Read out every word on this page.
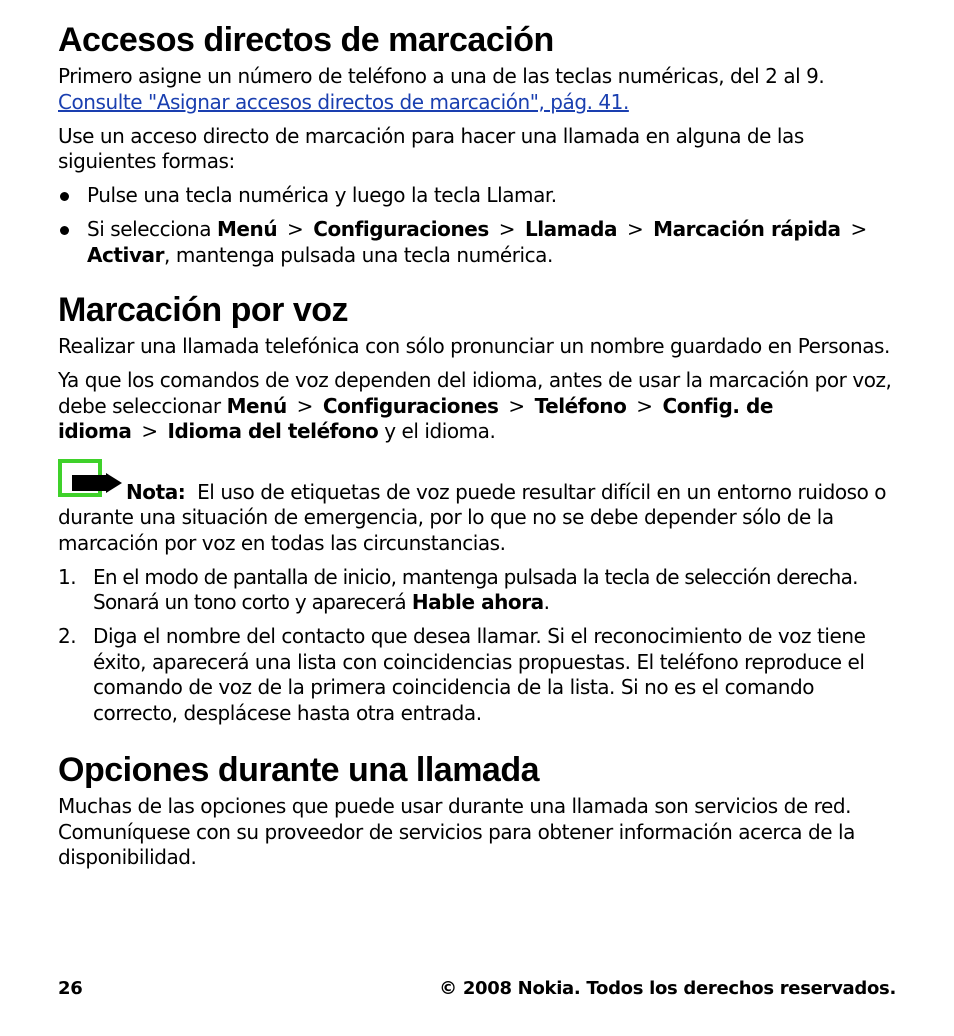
Accesos directos de marcación

Primero asigne un número de teléfono a una de las teclas numéricas, del 2 al 9.
Consulte "Asignar accesos directos de marcación", pág. 41.

Use un acceso directo de marcación para hacer una llamada en alguna de las siguientes formas:

Pulse una tecla numérica y luego la tecla Llamar.
Si selecciona Menú > Configuraciones > Llamada > Marcación rápida > Activar, mantenga pulsada una tecla numérica.
Marcación por voz

Realizar una llamada telefónica con sólo pronunciar un nombre guardado en Personas.

Ya que los comandos de voz dependen del idioma, antes de usar la marcación por voz, debe seleccionar Menú > Configuraciones > Teléfono > Config. de idioma > Idioma del teléfono y el idioma.

Nota: El uso de etiquetas de voz puede resultar difícil en un entorno ruidoso o durante una situación de emergencia, por lo que no se debe depender sólo de la marcación por voz en todas las circunstancias.

1. En el modo de pantalla de inicio, mantenga pulsada la tecla de selección derecha. Sonará un tono corto y aparecerá Hable ahora.
2. Diga el nombre del contacto que desea llamar. Si el reconocimiento de voz tiene éxito, aparecerá una lista con coincidencias propuestas. El teléfono reproduce el comando de voz de la primera coincidencia de la lista. Si no es el comando correcto, desplácese hasta otra entrada.
Opciones durante una llamada

Muchas de las opciones que puede usar durante una llamada son servicios de red. Comuníquese con su proveedor de servicios para obtener información acerca de la disponibilidad.

26	© 2008 Nokia. Todos los derechos reservados.
